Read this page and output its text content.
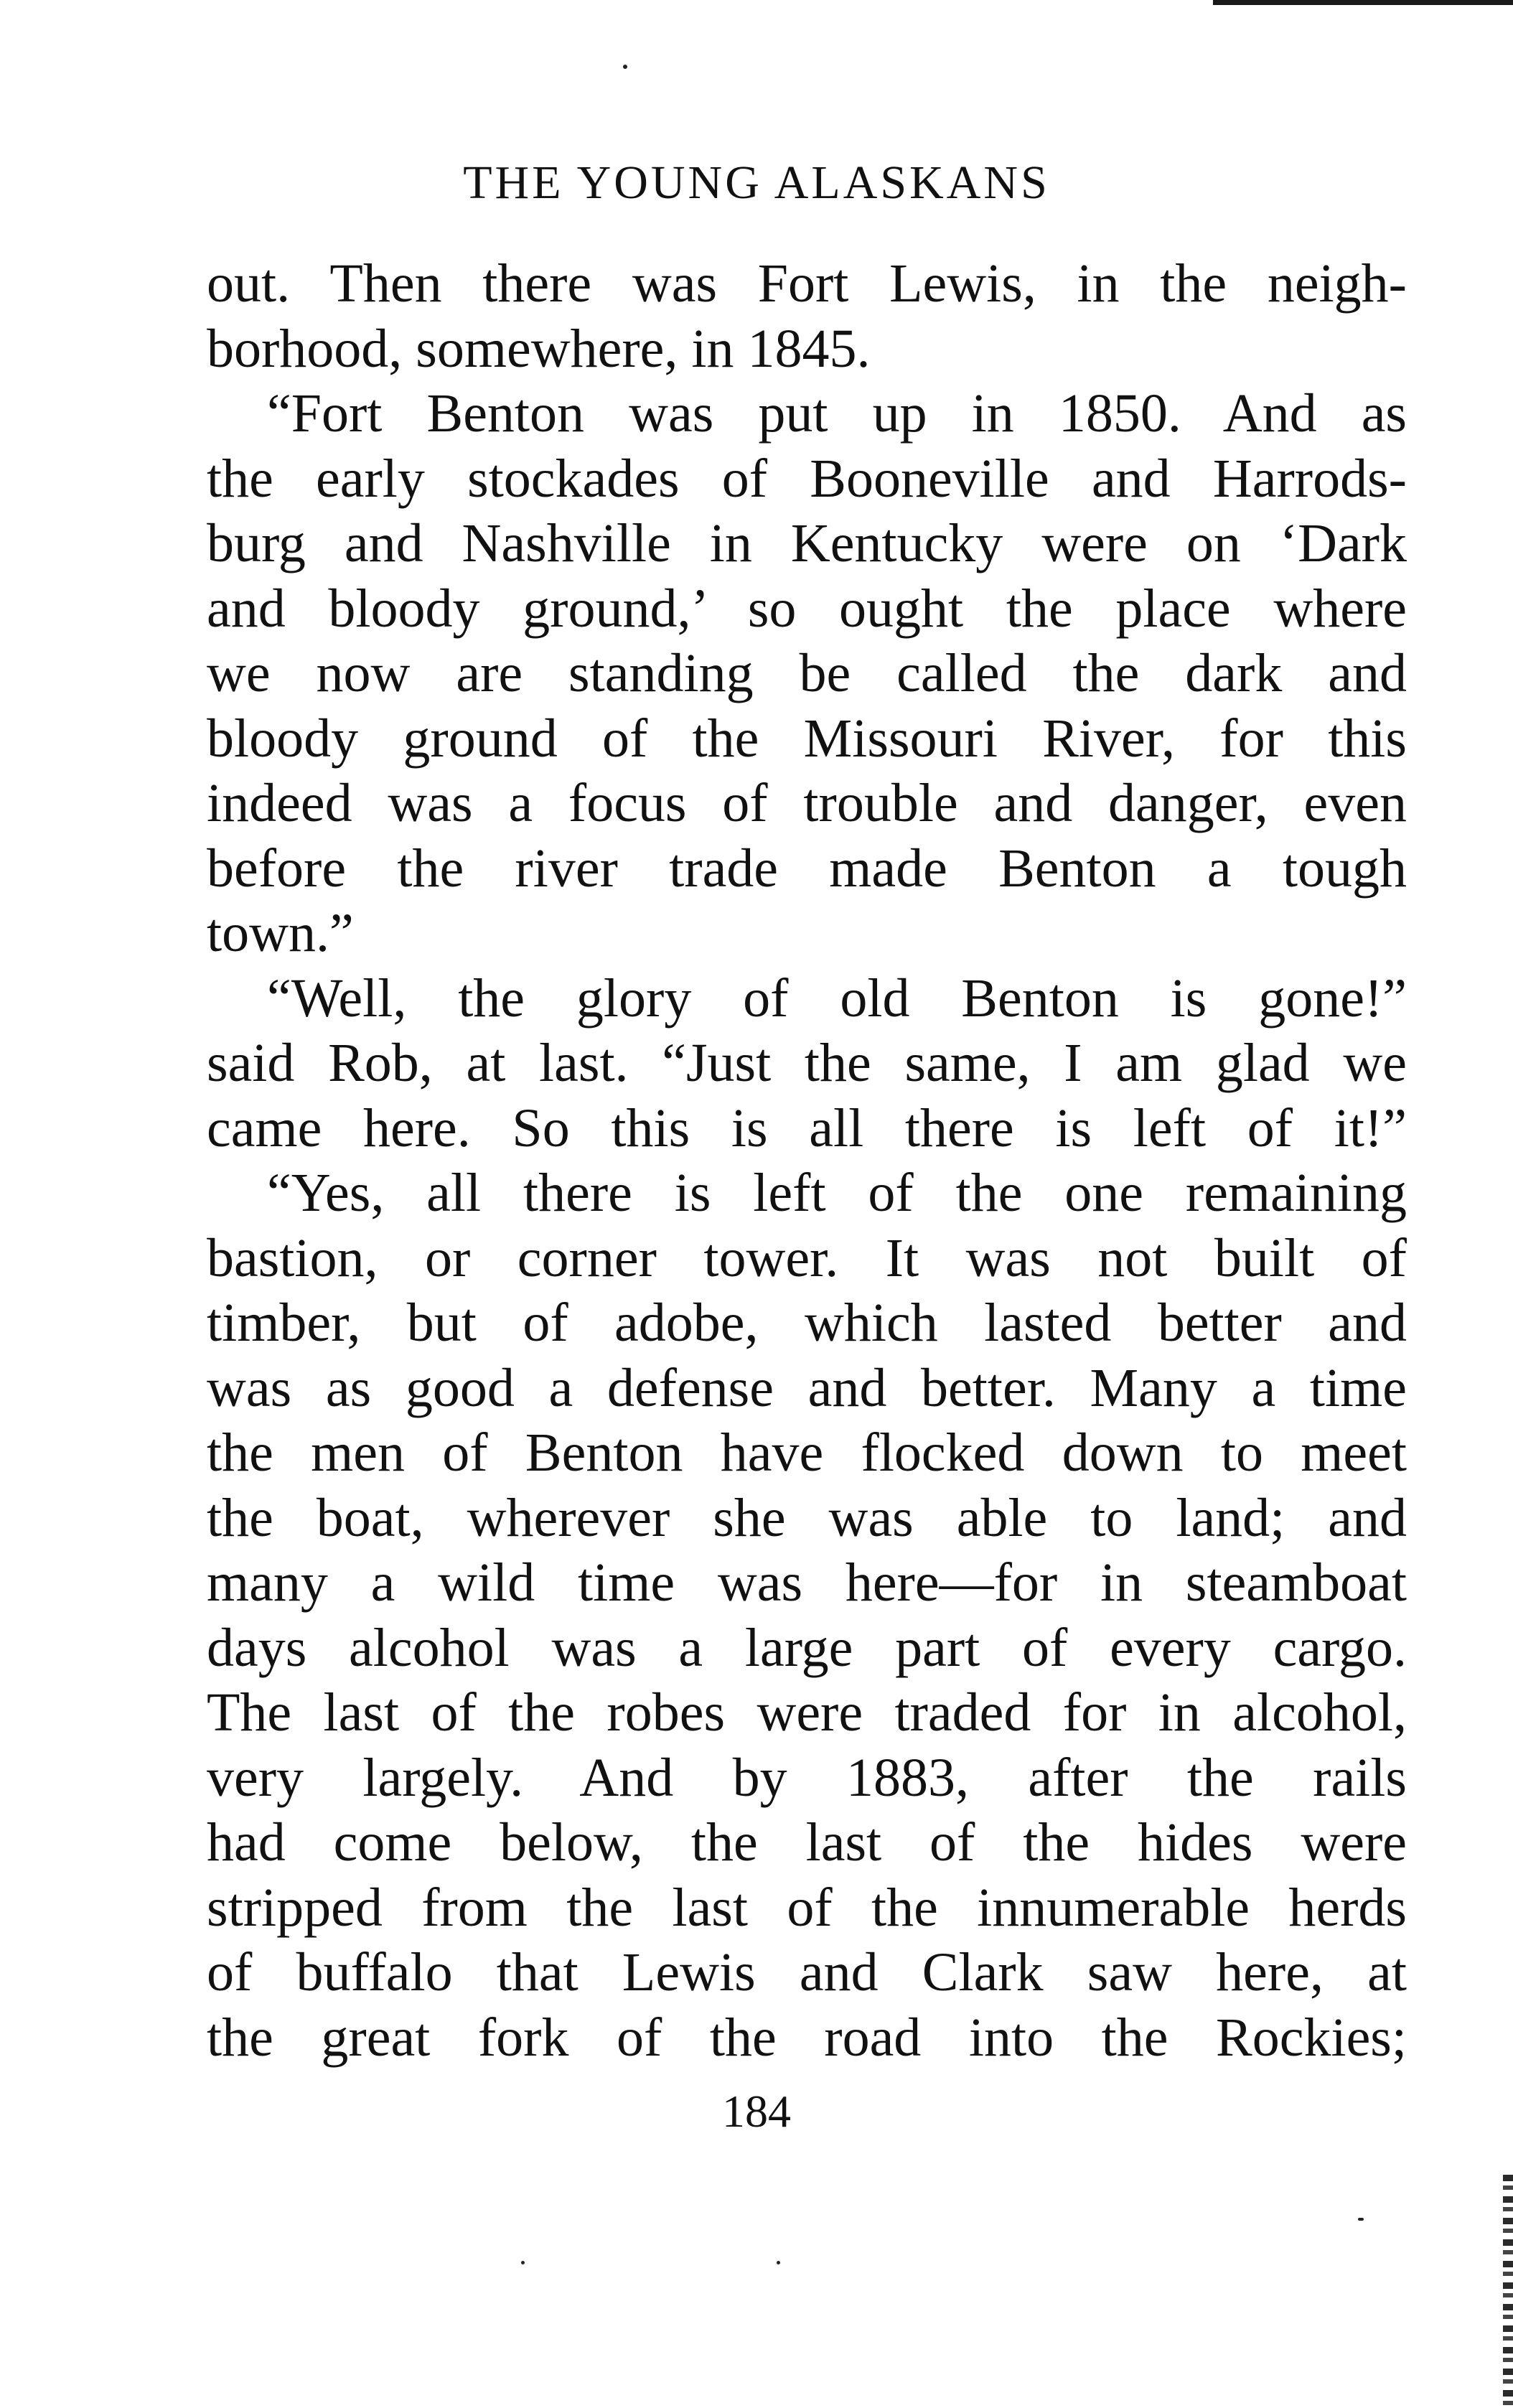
THE YOUNG ALASKANS
out. Then there was Fort Lewis, in the neigh-
borhood, somewhere, in 1845.
“Fort Benton was put up in 1850. And as
the early stockades of Booneville and Harrods-
burg and Nashville in Kentucky were on ‘Dark
and bloody ground,’ so ought the place where
we now are standing be called the dark and
bloody ground of the Missouri River, for this
indeed was a focus of trouble and danger, even
before the river trade made Benton a tough
town.”
“Well, the glory of old Benton is gone!”
said Rob, at last. “Just the same, I am glad we
came here. So this is all there is left of it!”
“Yes, all there is left of the one remaining
bastion, or corner tower. It was not built of
timber, but of adobe, which lasted better and
was as good a defense and better. Many a time
the men of Benton have flocked down to meet
the boat, wherever she was able to land; and
many a wild time was here—for in steamboat
days alcohol was a large part of every cargo.
The last of the robes were traded for in alcohol,
very largely. And by 1883, after the rails
had come below, the last of the hides were
stripped from the last of the innumerable herds
of buffalo that Lewis and Clark saw here, at
the great fork of the road into the Rockies;
184
